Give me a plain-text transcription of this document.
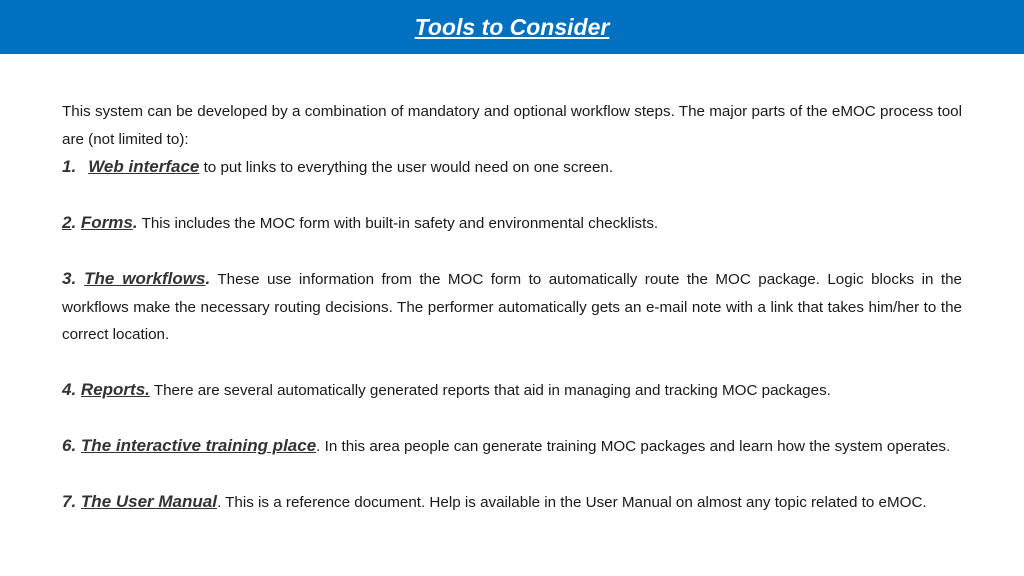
Tools to Consider

This system can be developed by a combination of mandatory and optional workflow steps. The major parts of the eMOC process tool are (not limited to):

1. Web interface to put links to everything the user would need on one screen.

2. Forms. This includes the MOC form with built-in safety and environmental checklists.

3. The workflows. These use information from the MOC form to automatically route the MOC package. Logic blocks in the workflows make the necessary routing decisions. The performer automatically gets an e-mail note with a link that takes him/her to the correct location.

4. Reports. There are several automatically generated reports that aid in managing and tracking MOC packages.

6. The interactive training place. In this area people can generate training MOC packages and learn how the system operates.

7. The User Manual. This is a reference document. Help is available in the User Manual on almost any topic related to eMOC.
